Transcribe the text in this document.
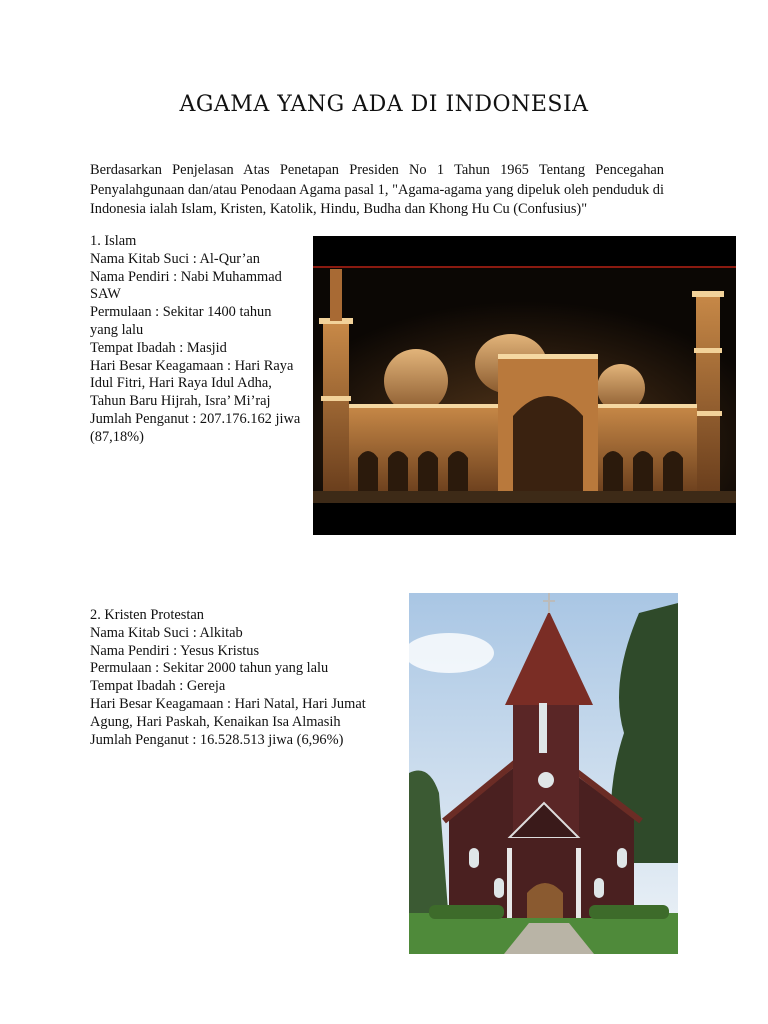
AGAMA YANG ADA DI INDONESIA
Berdasarkan Penjelasan Atas Penetapan Presiden No 1 Tahun 1965 Tentang Pencegahan Penyalahgunaan dan/atau Penodaan Agama pasal 1, "Agama-agama yang dipeluk oleh penduduk di Indonesia ialah Islam, Kristen, Katolik, Hindu, Budha dan Khong Hu Cu (Confusius)"
1. Islam
Nama Kitab Suci : Al-Qur’an
Nama Pendiri : Nabi Muhammad SAW
Permulaan : Sekitar 1400 tahun yang lalu
Tempat Ibadah : Masjid
Hari Besar Keagamaan : Hari Raya Idul Fitri, Hari Raya Idul Adha, Tahun Baru Hijrah, Isra’ Mi’raj
Jumlah Penganut : 207.176.162 jiwa (87,18%)
2. Kristen Protestan
Nama Kitab Suci : Alkitab
Nama Pendiri : Yesus Kristus
Permulaan : Sekitar 2000 tahun yang lalu
Tempat Ibadah : Gereja
Hari Besar Keagamaan : Hari Natal, Hari Jumat Agung, Hari Paskah, Kenaikan Isa Almasih
Jumlah Penganut : 16.528.513 jiwa (6,96%)
